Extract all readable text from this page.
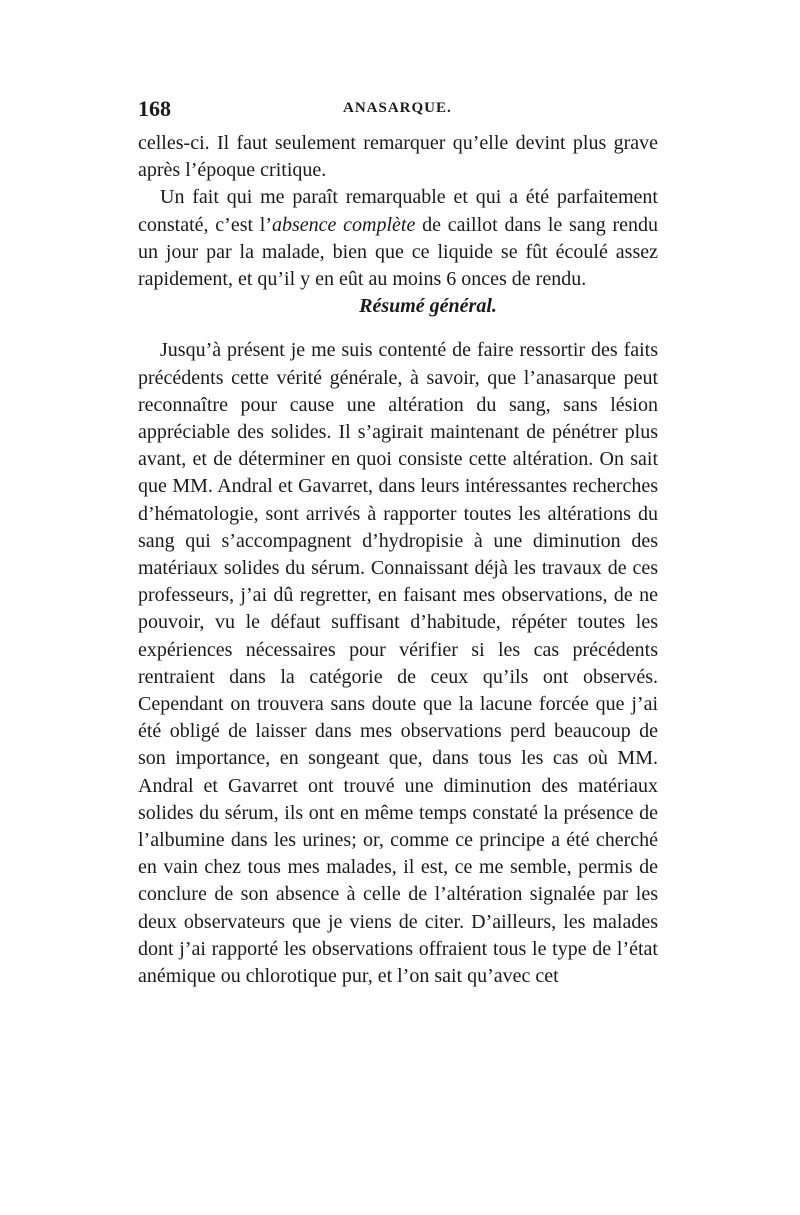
168	ANASARQUE.

celles-ci. Il faut seulement remarquer qu’elle devint plus grave après l’époque critique.

Un fait qui me paraît remarquable et qui a été parfaitement constaté, c’est l’absence complète de caillot dans le sang rendu un jour par la malade, bien que ce liquide se fût écoulé assez rapidement, et qu’il y en eût au moins 6 onces de rendu.

Résumé général.

Jusqu’à présent je me suis contenté de faire ressortir des faits précédents cette vérité générale, à savoir, que l’anasarque peut reconnaître pour cause une altération du sang, sans lésion appréciable des solides. Il s’agirait maintenant de pénétrer plus avant, et de déterminer en quoi consiste cette altération. On sait que MM. Andral et Gavarret, dans leurs intéressantes recherches d’hématologie, sont arrivés à rapporter toutes les altérations du sang qui s’accompagnent d’hydropisie à une diminution des matériaux solides du sérum. Connaissant déjà les travaux de ces professeurs, j’ai dû regretter, en faisant mes observations, de ne pouvoir, vu le défaut suffisant d’habitude, répéter toutes les expériences nécessaires pour vérifier si les cas précédents rentraient dans la catégorie de ceux qu’ils ont observés. Cependant on trouvera sans doute que la lacune forcée que j’ai été obligé de laisser dans mes observations perd beaucoup de son importance, en songeant que, dans tous les cas où MM. Andral et Gavarret ont trouvé une diminution des matériaux solides du sérum, ils ont en même temps constaté la présence de l’albumine dans les urines; or, comme ce principe a été cherché en vain chez tous mes malades, il est, ce me semble, permis de conclure de son absence à celle de l’altération signalée par les deux observateurs que je viens de citer. D’ailleurs, les malades dont j’ai rapporté les observations offraient tous le type de l’état anémique ou chlorotique pur, et l’on sait qu’avec cet
